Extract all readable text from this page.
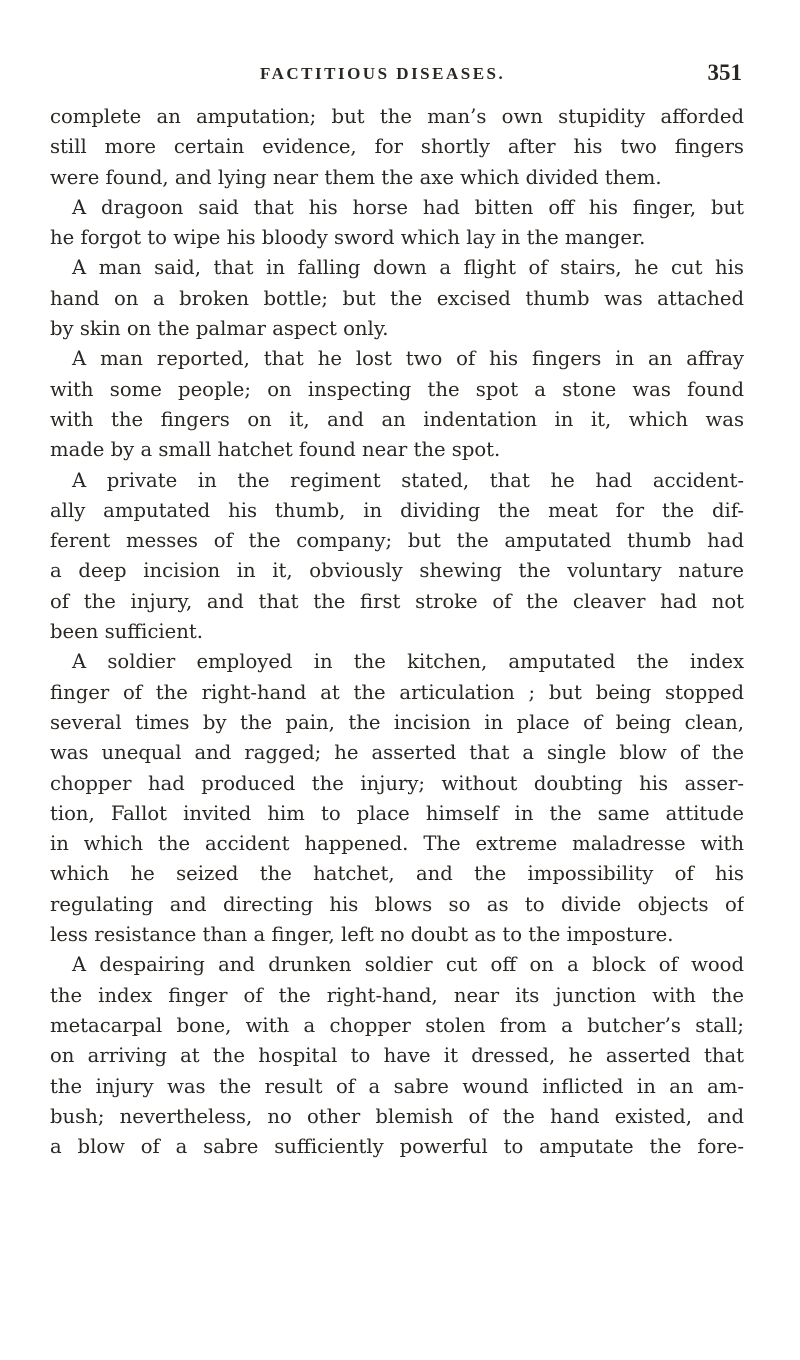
FACTITIOUS DISEASES.	351
complete an amputation; but the man’s own stupidity afforded
still more certain evidence, for shortly after his two fingers
were found, and lying near them the axe which divided them.
A dragoon said that his horse had bitten off his finger, but
he forgot to wipe his bloody sword which lay in the manger.
A man said, that in falling down a flight of stairs, he cut his
hand on a broken bottle; but the excised thumb was attached
by skin on the palmar aspect only.
A man reported, that he lost two of his fingers in an affray
with some people; on inspecting the spot a stone was found
with the fingers on it, and an indentation in it, which was
made by a small hatchet found near the spot.
A private in the regiment stated, that he had accident-
ally amputated his thumb, in dividing the meat for the dif-
ferent messes of the company; but the amputated thumb had
a deep incision in it, obviously shewing the voluntary nature
of the injury, and that the first stroke of the cleaver had not
been sufficient.
A soldier employed in the kitchen, amputated the index
finger of the right-hand at the articulation ; but being stopped
several times by the pain, the incision in place of being clean,
was unequal and ragged; he asserted that a single blow of the
chopper had produced the injury; without doubting his asser-
tion, Fallot invited him to place himself in the same attitude
in which the accident happened. The extreme maladresse with
which he seized the hatchet, and the impossibility of his
regulating and directing his blows so as to divide objects of
less resistance than a finger, left no doubt as to the imposture.
A despairing and drunken soldier cut off on a block of wood
the index finger of the right-hand, near its junction with the
metacarpal bone, with a chopper stolen from a butcher’s stall;
on arriving at the hospital to have it dressed, he asserted that
the injury was the result of a sabre wound inflicted in an am-
bush; nevertheless, no other blemish of the hand existed, and
a blow of a sabre sufficiently powerful to amputate the fore-
